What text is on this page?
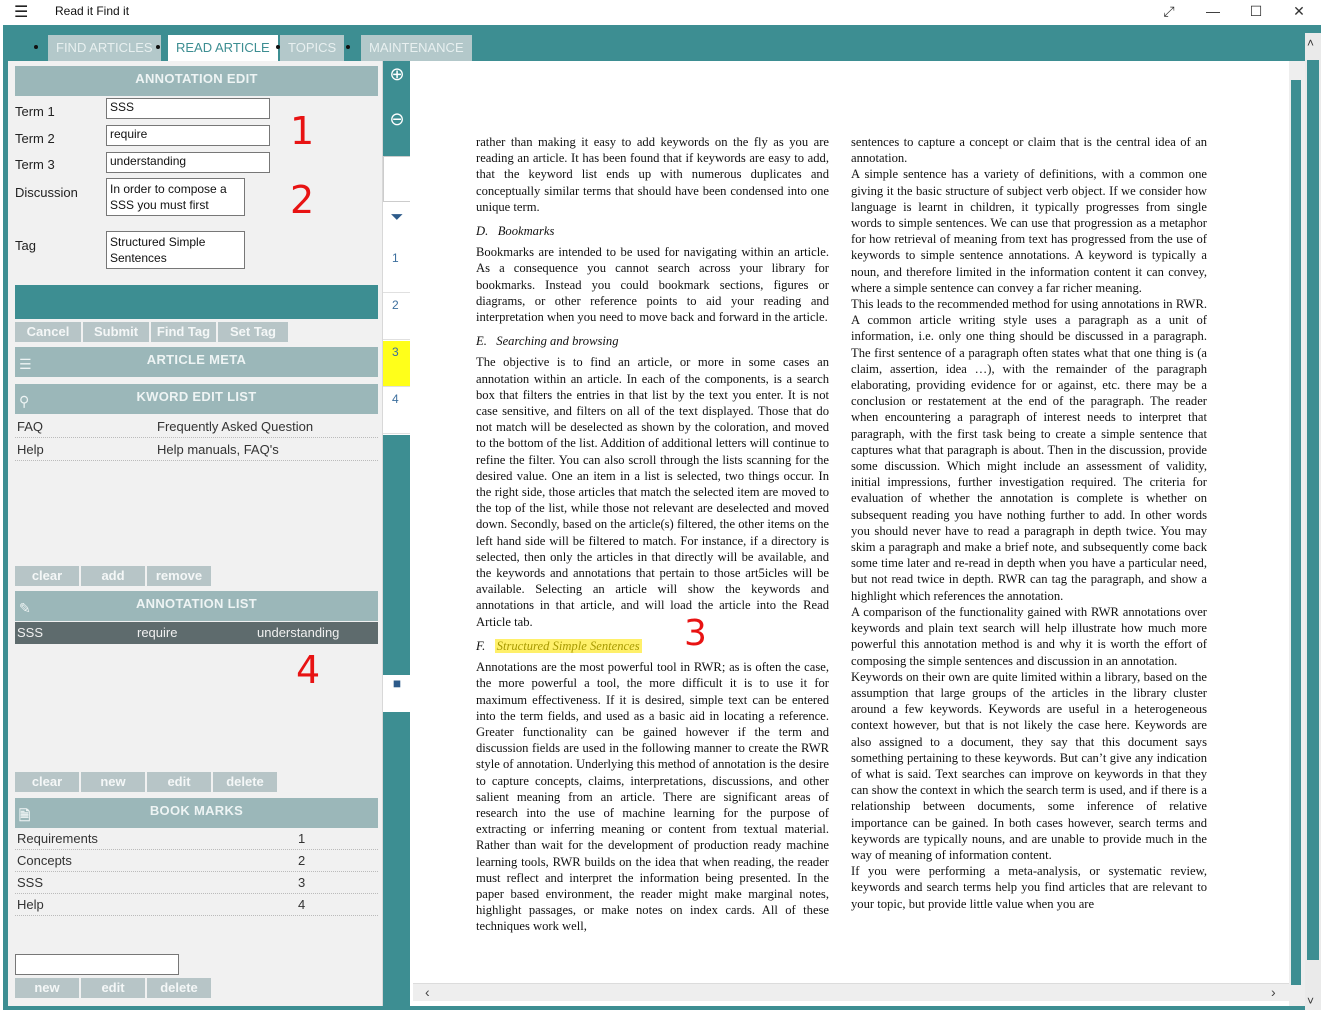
☰ Read it Find it	⤢	—	☐	✕
FIND ARTICLES	READ ARTICLE	TOPICS	MAINTENANCE
ANNOTATION EDIT
Term 1	SSS
Term 2	require
Term 3	understanding
1
Discussion	In order to compose a SSS you must first	2
Tag	Structured Simple Sentences
Cancel	Submit	Find Tag	Set Tag
☰	ARTICLE META
⚲	KWORD EDIT LIST
FAQ	Frequently Asked Question
Help	Help manuals, FAQ's
clear	add	remove
✎	ANNOTATION LIST
SSS	require	understanding
4
clear	new	edit	delete
🗎	BOOK MARKS
Requirements	1
Concepts	2
SSS	3
Help	4
new	edit	delete
⊕
⊖
⏷
1
2
3
4
⏹

rather than making it easy to add keywords on the fly as you are reading an article. It has been found that if keywords are easy to add, that the keyword list ends up with numerous duplicates and conceptually similar terms that should have been condensed into one unique term.

D. Bookmarks

Bookmarks are intended to be used for navigating within an article. As a consequence you cannot search across your library for bookmarks. Instead you could bookmark sections, figures or diagrams, or other reference points to aid your reading and interpretation when you need to move back and forward in the article.

E. Searching and browsing

The objective is to find an article, or more in some cases an annotation within an article. In each of the components, is a search box that filters the entries in that list by the text you enter. It is not case sensitive, and filters on all of the text displayed. Those that do not match will be deselected as shown by the coloration, and moved to the bottom of the list. Addition of additional letters will continue to refine the filter. You can also scroll through the lists scanning for the desired value. One an item in a list is selected, two things occur. In the right side, those articles that match the selected item are moved to the top of the list, while those not relevant are deselected and moved down. Secondly, based on the article(s) filtered, the other items on the left hand side will be filtered to match. For instance, if a directory is selected, then only the articles in that directly will be available, and the keywords and annotations that pertain to those art5icles will be available. Selecting an article will show the keywords and annotations in that article, and will load the article into the Read Article tab.

F. Structured Simple Sentences 3

Annotations are the most powerful tool in RWR; as is often the case, the more powerful a tool, the more difficult it is to use it for maximum effectiveness. If it is desired, simple text can be entered into the term fields, and used as a basic aid in locating a reference. Greater functionality can be gained however if the term and discussion fields are used in the following manner to create the RWR style of annotation. Underlying this method of annotation is the desire to capture concepts, claims, interpretations, discussions, and other salient meaning from an article. There are significant areas of research into the use of machine learning for the purpose of extracting or inferring meaning or content from textual material. Rather than wait for the development of production ready machine learning tools, RWR builds on the idea that when reading, the reader must reflect and interpret the information being presented. In the paper based environment, the reader might make marginal notes, highlight passages, or make notes on index cards. All of these techniques work well,

sentences to capture a concept or claim that is the central idea of an annotation.

A simple sentence has a variety of definitions, with a common one giving it the basic structure of subject verb object. If we consider how language is learnt in children, it typically progresses from single words to simple sentences. We can use that progression as a metaphor for how retrieval of meaning from text has progressed from the use of keywords to simple sentence annotations. A keyword is typically a noun, and therefore limited in the information content it can convey, where a simple sentence can convey a far richer meaning.

This leads to the recommended method for using annotations in RWR. A common article writing style uses a paragraph as a unit of information, i.e. only one thing should be discussed in a paragraph. The first sentence of a paragraph often states what that one thing is (a claim, assertion, idea …), with the remainder of the paragraph elaborating, providing evidence for or against, etc. there may be a conclusion or restatement at the end of the paragraph. The reader when encountering a paragraph of interest needs to interpret that paragraph, with the first task being to create a simple sentence that captures what that paragraph is about. Then in the discussion, provide some discussion. Which might include an assessment of validity, initial impressions, further investigation required. The criteria for evaluation of whether the annotation is complete is whether on subsequent reading you have nothing further to add. In other words you should never have to read a paragraph in depth twice. You may skim a paragraph and make a brief note, and subsequently come back some time later and re-read in depth when you have a particular need, but not read twice in depth. RWR can tag the paragraph, and show a highlight which references the annotation.

A comparison of the functionality gained with RWR annotations over keywords and plain text search will help illustrate how much more powerful this annotation method is and why it is worth the effort of composing the simple sentences and discussion in an annotation.

Keywords on their own are quite limited within a library, based on the assumption that large groups of the articles in the library cluster around a few keywords. Keywords are useful in a heterogeneous context however, but that is not likely the case here. Keywords are also assigned to a document, they say that this document says something pertaining to these keywords. But can’t give any indication of what is said. Text searches can improve on keywords in that they can show the context in which the search term is used, and if there is a relationship between documents, some inference of relative importance can be gained. In both cases however, search terms and keywords are typically nouns, and are unable to provide much in the way of meaning of information content.

If you were performing a meta-analysis, or systematic review, keywords and search terms help you find articles that are relevant to your topic, but provide little value when you are

‹	›
˄
˅
